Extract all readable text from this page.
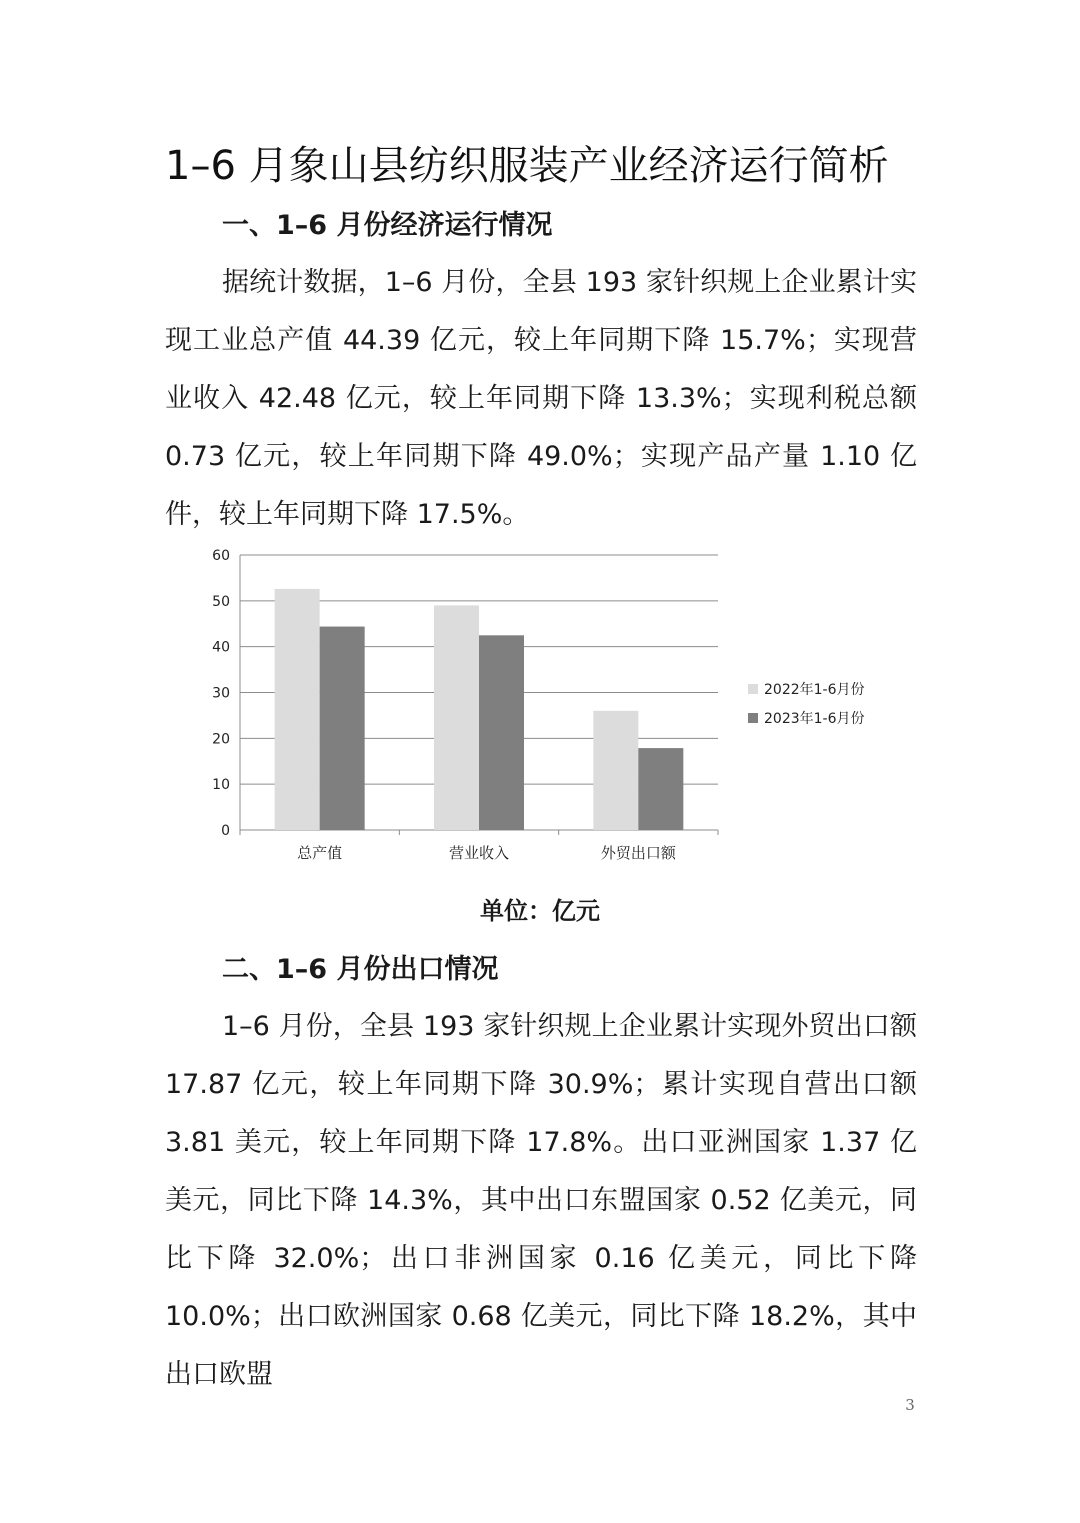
1–6 月象山县纺织服装产业经济运行简析
一、1–6 月份经济运行情况

据统计数据，1–6 月份，全县 193 家针织规上企业累计实现工业总产值 44.39 亿元，较上年同期下降 15.7%；实现营业收入 42.48 亿元，较上年同期下降 13.3%；实现利税总额 0.73 亿元，较上年同期下降 49.0%；实现产品产量 1.10 亿件，较上年同期下降 17.5%。

0
10
20
30
40
50
60
总产值	营业收入	外贸出口额
2022年1-6月份
2023年1-6月份
单位：亿元
二、1–6 月份出口情况

1–6 月份，全县 193 家针织规上企业累计实现外贸出口额 17.87 亿元，较上年同期下降 30.9%；累计实现自营出口额 3.81 美元，较上年同期下降 17.8%。出口亚洲国家 1.37 亿美元，同比下降 14.3%，其中出口东盟国家 0.52 亿美元，同比下降 32.0%；出口非洲国家 0.16 亿美元，同比下降 10.0%；出口欧洲国家 0.68 亿美元，同比下降 18.2%，其中出口欧盟

3
